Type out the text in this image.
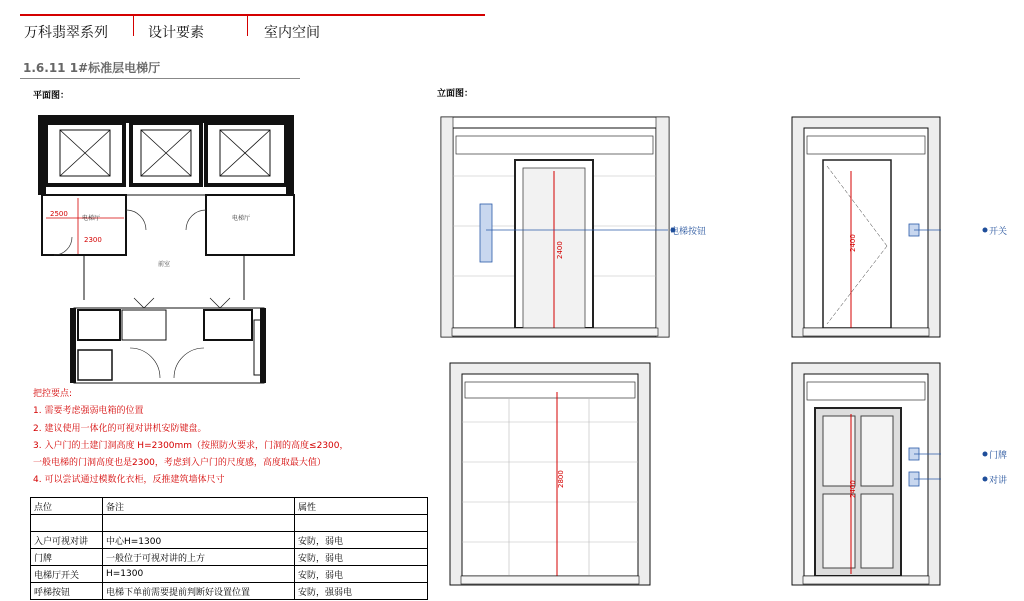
万科翡翠系列	设计要素	室内空间
1.6.11 1#标准层电梯厅
平面图：	立面图：
2500
2300
电梯厅	电梯厅
前室
2400
电梯按钮
2400
开关
2800
2400
门牌
对讲
把控要点:
1. 需要考虑强弱电箱的位置
2. 建议使用一体化的可视对讲机安防键盘。
3. 入户门的土建门洞高度 H=2300mm（按照防火要求，门洞的高度≤2300，
一般电梯的门洞高度也是2300，考虑到入户门的尺度感，高度取最大值）
4. 可以尝试通过模数化衣柜，反推建筑墙体尺寸
点位	备注	属性

入户可视对讲	中心H=1300	安防，弱电
门牌	一般位于可视对讲的上方	安防，弱电
电梯厅开关	H=1300	安防，弱电
呼梯按钮	电梯下单前需要提前判断好设置位置	安防，强弱电
